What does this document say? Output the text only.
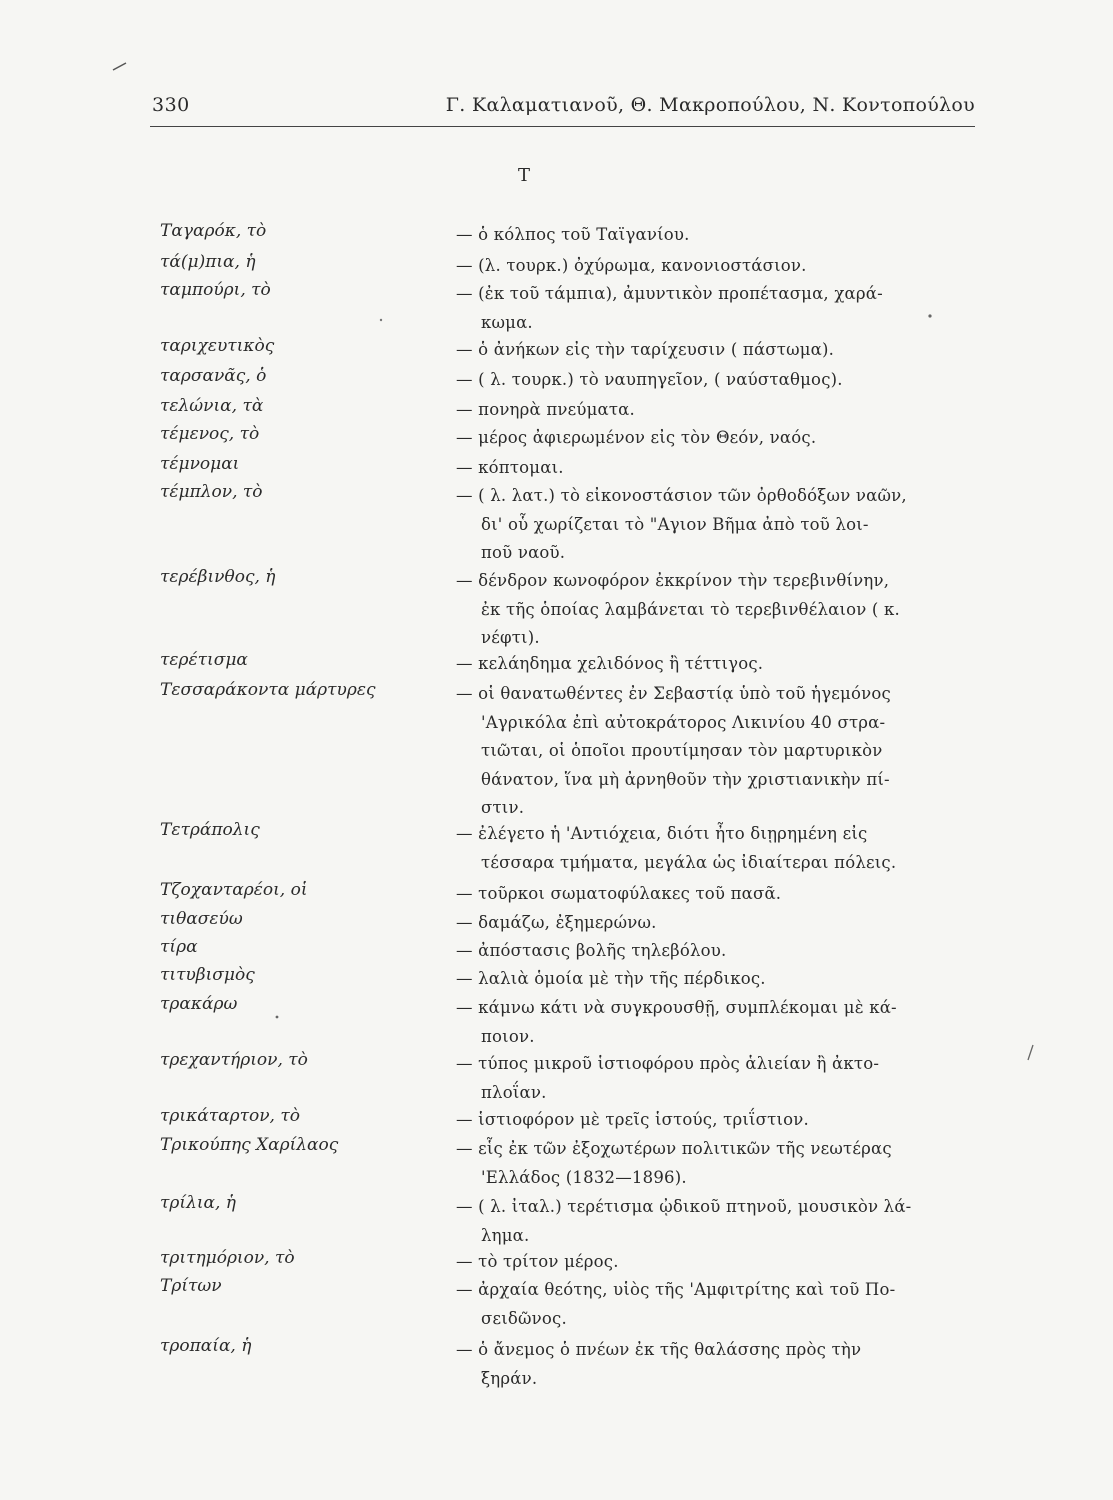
330	Γ. Καλαματιανοῦ, Θ. Μακροπούλου, Ν. Κοντοπούλου
Τ
Ταγαρόκ, τὸ	— ὁ κόλπος τοῦ Ταϊγανίου.
τά(μ)πια, ἡ	— (λ. τουρκ.) ὀχύρωμα, κανονιοστάσιον.
ταμπούρι, τὸ	— (ἐκ τοῦ τάμπια), ἀμυντικὸν προπέτασμα, χαρά-
κωμα.
ταριχευτικὸς	— ὁ ἀνήκων εἰς τὴν ταρίχευσιν ( πάστωμα).
ταρσανᾶς, ὁ	— ( λ. τουρκ.) τὸ ναυπηγεῖον, ( ναύσταθμος).
τελώνια, τὰ	— πονηρὰ πνεύματα.
τέμενος, τὸ	— μέρος ἀφιερωμένον εἰς τὸν Θεόν, ναός.
τέμνομαι	— κόπτομαι.
τέμπλον, τὸ	— ( λ. λατ.) τὸ εἰκονοστάσιον τῶν ὀρθοδόξων ναῶν,
δι' οὗ χωρίζεται τὸ "Αγιον Βῆμα ἀπὸ τοῦ λοι-
ποῦ ναοῦ.
τερέβινθος, ἡ	— δένδρον κωνοφόρον ἐκκρίνον τὴν τερεβινθίνην,
ἐκ τῆς ὁποίας λαμβάνεται τὸ τερεβινθέλαιον ( κ.
νέφτι).
τερέτισμα	— κελάηδημα χελιδόνος ἢ τέττιγος.
Τεσσαράκοντα μάρτυρες	— οἱ θανατωθέντες ἐν Σεβαστίᾳ ὑπὸ τοῦ ἡγεμόνος
'Αγρικόλα ἐπὶ αὐτοκράτορος Λικινίου 40 στρα-
τιῶται, οἱ ὁποῖοι προυτίμησαν τὸν μαρτυρικὸν
θάνατον, ἵνα μὴ ἀρνηθοῦν τὴν χριστιανικὴν πί-
στιν.
Τετράπολις	— ἐλέγετο ἡ 'Αντιόχεια, διότι ἦτο διῃρημένη εἰς
τέσσαρα τμήματα, μεγάλα ὡς ἰδιαίτεραι πόλεις.
Τζοχανταρέοι, οἱ	— τοῦρκοι σωματοφύλακες τοῦ πασᾶ.
τιθασεύω	— δαμάζω, ἐξημερώνω.
τίρα	— ἀπόστασις βολῆς τηλεβόλου.
τιτυβισμὸς	— λαλιὰ ὁμοία μὲ τὴν τῆς πέρδικος.
τρακάρω	— κάμνω κάτι νὰ συγκρουσθῇ, συμπλέκομαι μὲ κά-
ποιον.
τρεχαντήριον, τὸ	— τύπος μικροῦ ἱστιοφόρου πρὸς ἁλιείαν ἢ ἀκτο-
πλοΐαν.
τρικάταρτον, τὸ	— ἱστιοφόρον μὲ τρεῖς ἱστούς, τριΐστιον.
Τρικούπης Χαρίλαος	— εἷς ἐκ τῶν ἐξοχωτέρων πολιτικῶν τῆς νεωτέρας
'Ελλάδος (1832—1896).
τρίλια, ἡ	— ( λ. ἰταλ.) τερέτισμα ᾠδικοῦ πτηνοῦ, μουσικὸν λά-
λημα.
τριτημόριον, τὸ	— τὸ τρίτον μέρος.
Τρίτων	— ἀρχαία θεότης, υἱὸς τῆς 'Αμφιτρίτης καὶ τοῦ Πο-
σειδῶνος.
τροπαία, ἡ	— ὁ ἄνεμος ὁ πνέων ἐκ τῆς θαλάσσης πρὸς τὴν
ξηράν.
